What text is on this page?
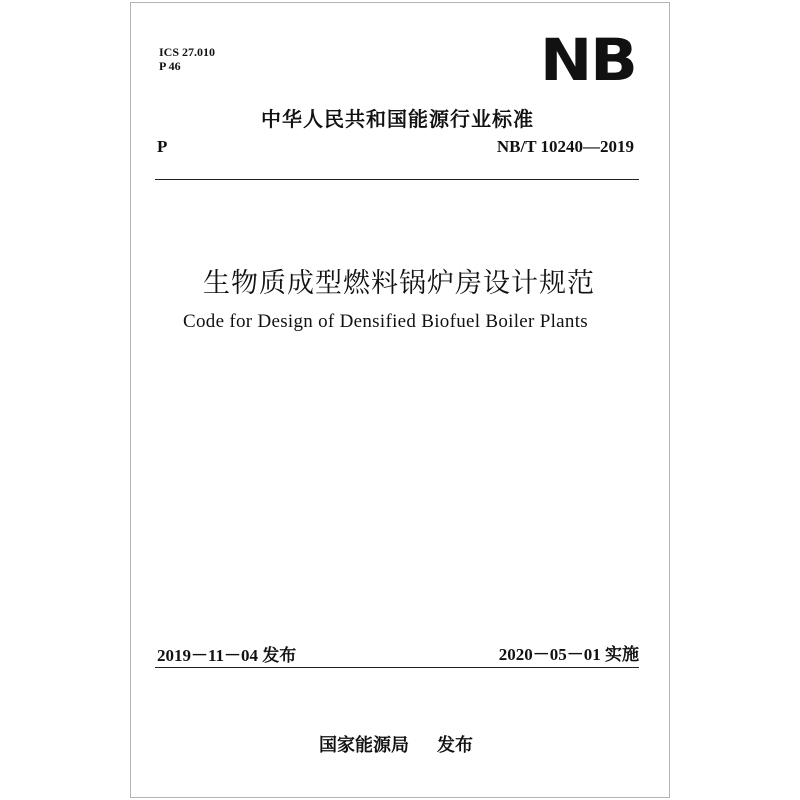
ICS 27.010
P 46	NB
中华人民共和国能源行业标准
P	NB/T 10240—2019
生物质成型燃料锅炉房设计规范
Code for Design of Densified Biofuel Boiler Plants
2019－11－04 发布	2020－05－01 实施
国家能源局 发布
